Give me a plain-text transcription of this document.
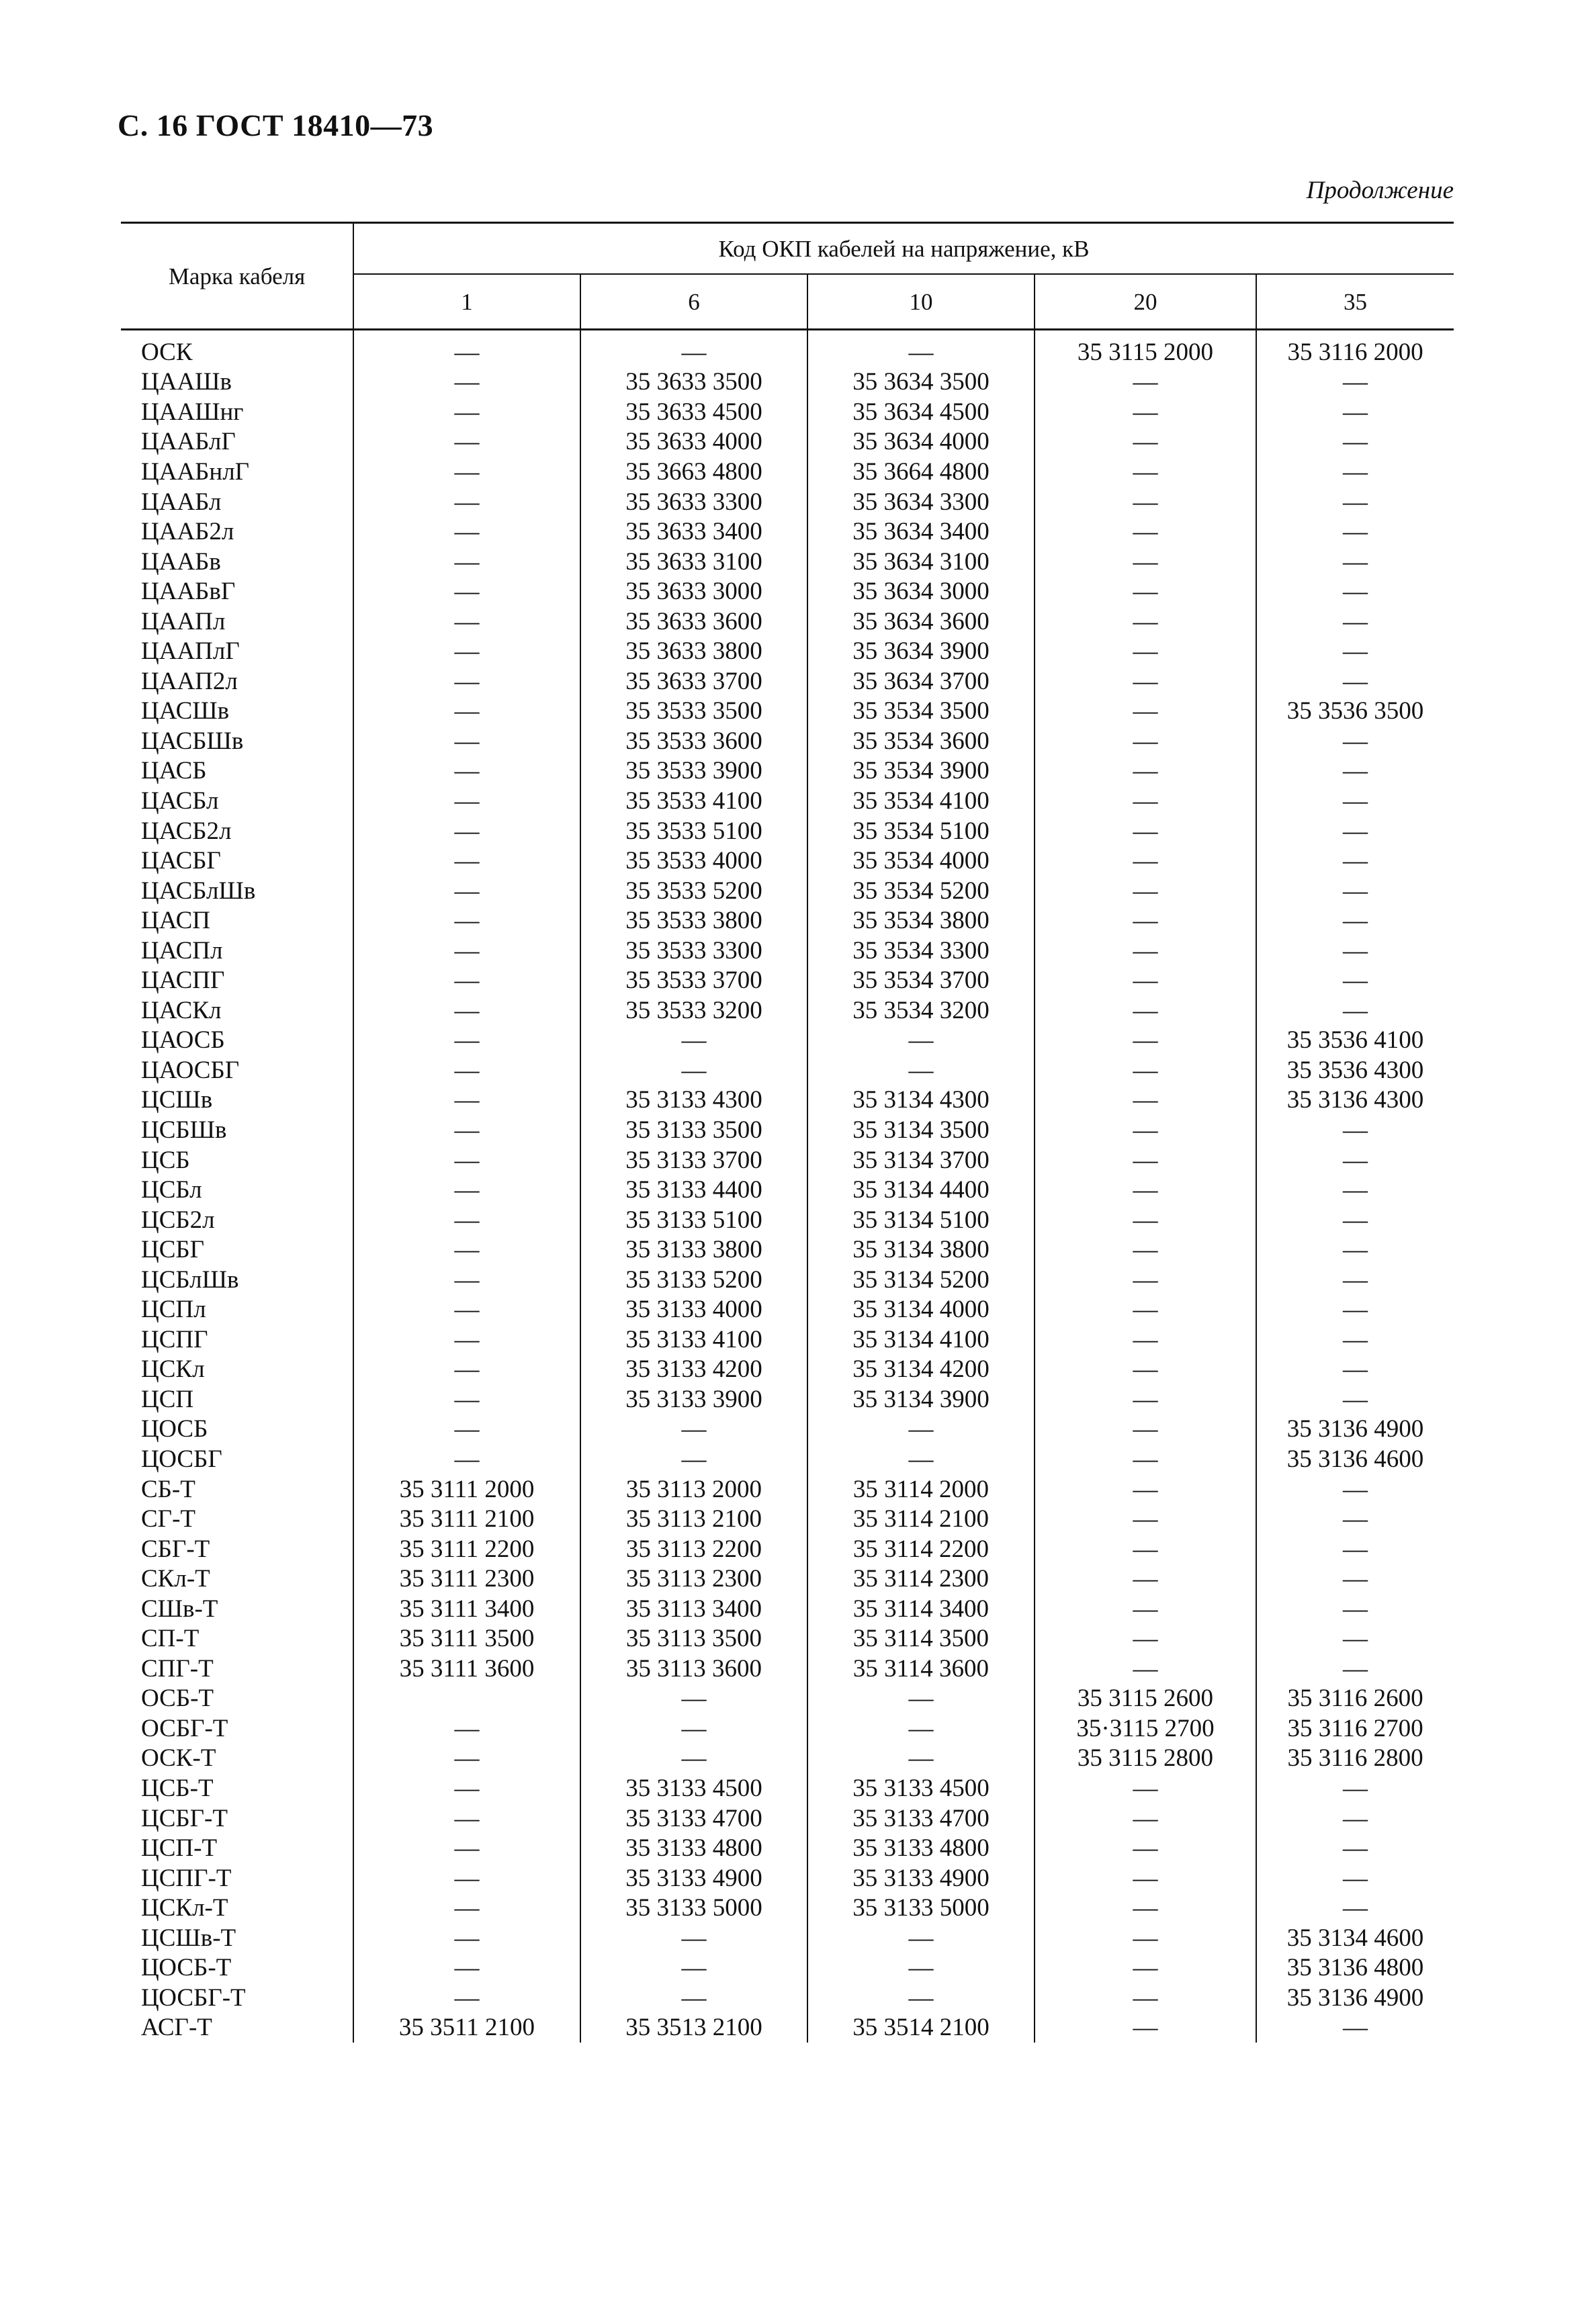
С. 16 ГОСТ 18410—73
Продолжение
Марка кабеля	Код ОКП кабелей на напряжение, кВ				
	1	6	10	20	35
ОСК	—	—	—	35 3115 2000	35 3116 2000
ЦААШв	—	35 3633 3500	35 3634 3500	—	—
ЦААШнг	—	35 3633 4500	35 3634 4500	—	—
ЦААБлГ	—	35 3633 4000	35 3634 4000	—	—
ЦААБнлГ	—	35 3663 4800	35 3664 4800	—	—
ЦААБл	—	35 3633 3300	35 3634 3300	—	—
ЦААБ2л	—	35 3633 3400	35 3634 3400	—	—
ЦААБв	—	35 3633 3100	35 3634 3100	—	—
ЦААБвГ	—	35 3633 3000	35 3634 3000	—	—
ЦААПл	—	35 3633 3600	35 3634 3600	—	—
ЦААПлГ	—	35 3633 3800	35 3634 3900	—	—
ЦААП2л	—	35 3633 3700	35 3634 3700	—	—
ЦАСШв	—	35 3533 3500	35 3534 3500	—	35 3536 3500
ЦАСБШв	—	35 3533 3600	35 3534 3600	—	—
ЦАСБ	—	35 3533 3900	35 3534 3900	—	—
ЦАСБл	—	35 3533 4100	35 3534 4100	—	—
ЦАСБ2л	—	35 3533 5100	35 3534 5100	—	—
ЦАСБГ	—	35 3533 4000	35 3534 4000	—	—
ЦАСБлШв	—	35 3533 5200	35 3534 5200	—	—
ЦАСП	—	35 3533 3800	35 3534 3800	—	—
ЦАСПл	—	35 3533 3300	35 3534 3300	—	—
ЦАСПГ	—	35 3533 3700	35 3534 3700	—	—
ЦАСКл	—	35 3533 3200	35 3534 3200	—	—
ЦАОСБ	—	—	—	—	35 3536 4100
ЦАОСБГ	—	—	—	—	35 3536 4300
ЦСШв	—	35 3133 4300	35 3134 4300	—	35 3136 4300
ЦСБШв	—	35 3133 3500	35 3134 3500	—	—
ЦСБ	—	35 3133 3700	35 3134 3700	—	—
ЦСБл	—	35 3133 4400	35 3134 4400	—	—
ЦСБ2л	—	35 3133 5100	35 3134 5100	—	—
ЦСБГ	—	35 3133 3800	35 3134 3800	—	—
ЦСБлШв	—	35 3133 5200	35 3134 5200	—	—
ЦСПл	—	35 3133 4000	35 3134 4000	—	—
ЦСПГ	—	35 3133 4100	35 3134 4100	—	—
ЦСКл	—	35 3133 4200	35 3134 4200	—	—
ЦСП	—	35 3133 3900	35 3134 3900	—	—
ЦОСБ	—	—	—	—	35 3136 4900
ЦОСБГ	—	—	—	—	35 3136 4600
СБ-Т	35 3111 2000	35 3113 2000	35 3114 2000	—	—
СГ-Т	35 3111 2100	35 3113 2100	35 3114 2100	—	—
СБГ-Т	35 3111 2200	35 3113 2200	35 3114 2200	—	—
СКл-Т	35 3111 2300	35 3113 2300	35 3114 2300	—	—
СШв-Т	35 3111 3400	35 3113 3400	35 3114 3400	—	—
СП-Т	35 3111 3500	35 3113 3500	35 3114 3500	—	—
СПГ-Т	35 3111 3600	35 3113 3600	35 3114 3600	—	—
ОСБ-Т		—	—	35 3115 2600	35 3116 2600
ОСБГ-Т	—	—	—	35·3115 2700	35 3116 2700
ОСК-Т	—	—	—	35 3115 2800	35 3116 2800
ЦСБ-Т	—	35 3133 4500	35 3133 4500	—	—
ЦСБГ-Т	—	35 3133 4700	35 3133 4700	—	—
ЦСП-Т	—	35 3133 4800	35 3133 4800	—	—
ЦСПГ-Т	—	35 3133 4900	35 3133 4900	—	—
ЦСКл-Т	—	35 3133 5000	35 3133 5000	—	—
ЦСШв-Т	—	—	—	—	35 3134 4600
ЦОСБ-Т	—	—	—	—	35 3136 4800
ЦОСБГ-Т	—	—	—	—	35 3136 4900
АСГ-Т	35 3511 2100	35 3513 2100	35 3514 2100	—	—
